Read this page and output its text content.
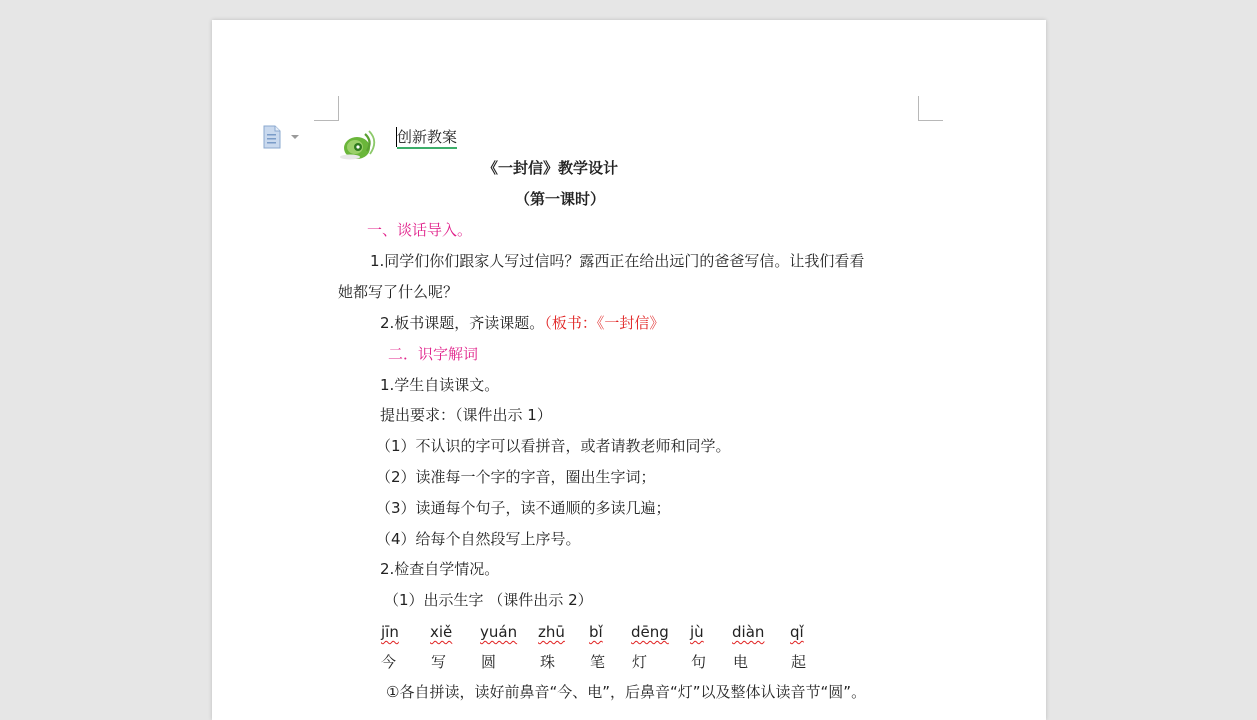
创新教案
《一封信》教学设计
（第一课时）
一、谈话导入。
1.同学们你们跟家人写过信吗？露西正在给出远门的爸爸写信。让我们看看
她都写了什么呢？
2.板书课题，齐读课题。（板书：《一封信》
二．识字解词
1.学生自读课文。
提出要求：（课件出示 1）
（1）不认识的字可以看拼音，或者请教老师和同学。
（2）读准每一个字的字音，圈出生字词；
（3）读通每个句子，读不通顺的多读几遍；
（4）给每个自然段写上序号。
2.检查自学情况。
（1）出示生字 （课件出示 2）
jīn xiě yuán zhū bǐ dēng jù diàn qǐ
今 写 圆	珠 笔 灯	句 电	起
①各自拼读，读好前鼻音“今、电”，后鼻音“灯”以及整体认读音节“圆”。
